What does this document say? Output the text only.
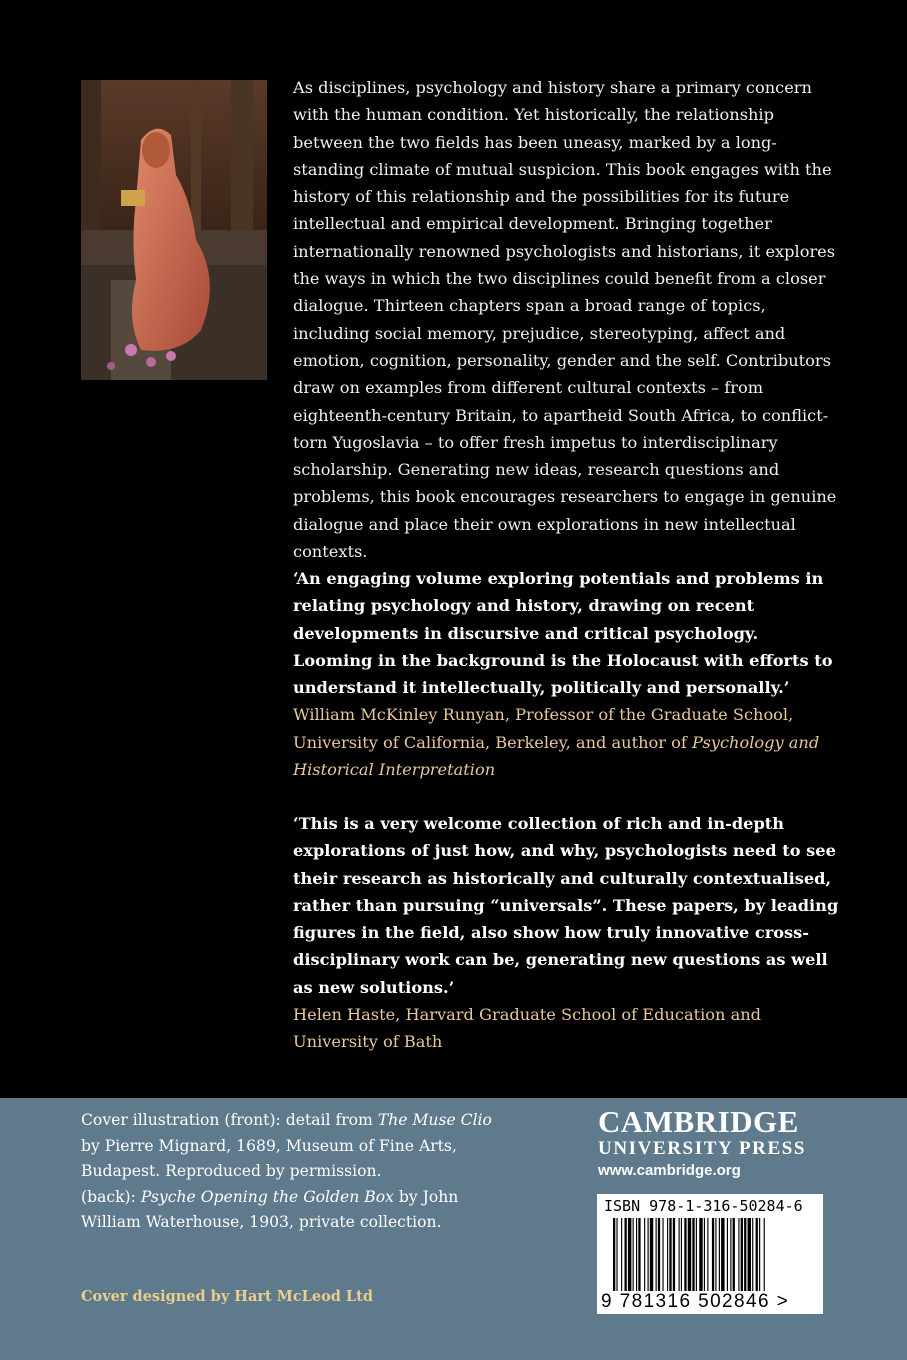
As disciplines, psychology and history share a primary concern with the human condition. Yet historically, the relationship between the two fields has been uneasy, marked by a long-standing climate of mutual suspicion. This book engages with the history of this relationship and the possibilities for its future intellectual and empirical development. Bringing together internationally renowned psychologists and historians, it explores the ways in which the two disciplines could benefit from a closer dialogue. Thirteen chapters span a broad range of topics, including social memory, prejudice, stereotyping, affect and emotion, cognition, personality, gender and the self. Contributors draw on examples from different cultural contexts – from eighteenth-century Britain, to apartheid South Africa, to conflict-torn Yugoslavia – to offer fresh impetus to interdisciplinary scholarship. Generating new ideas, research questions and problems, this book encourages researchers to engage in genuine dialogue and place their own explorations in new intellectual contexts.
‘An engaging volume exploring potentials and problems in relating psychology and history, drawing on recent developments in discursive and critical psychology. Looming in the background is the Holocaust with efforts to understand it intellectually, politically and personally.’
William McKinley Runyan, Professor of the Graduate School, University of California, Berkeley, and author of Psychology and Historical Interpretation
‘This is a very welcome collection of rich and in-depth explorations of just how, and why, psychologists need to see their research as historically and culturally contextualised, rather than pursuing “universals”. These papers, by leading figures in the field, also show how truly innovative cross-disciplinary work can be, generating new questions as well as new solutions.’
Helen Haste, Harvard Graduate School of Education and University of Bath
Cover illustration (front): detail from The Muse Clio by Pierre Mignard, 1689, Museum of Fine Arts, Budapest. Reproduced by permission.
(back): Psyche Opening the Golden Box by John William Waterhouse, 1903, private collection.
Cover designed by Hart McLeod Ltd
CAMBRIDGE
UNIVERSITY PRESS
www.cambridge.org
ISBN 978-1-316-50284-6
9 781316 502846 >
